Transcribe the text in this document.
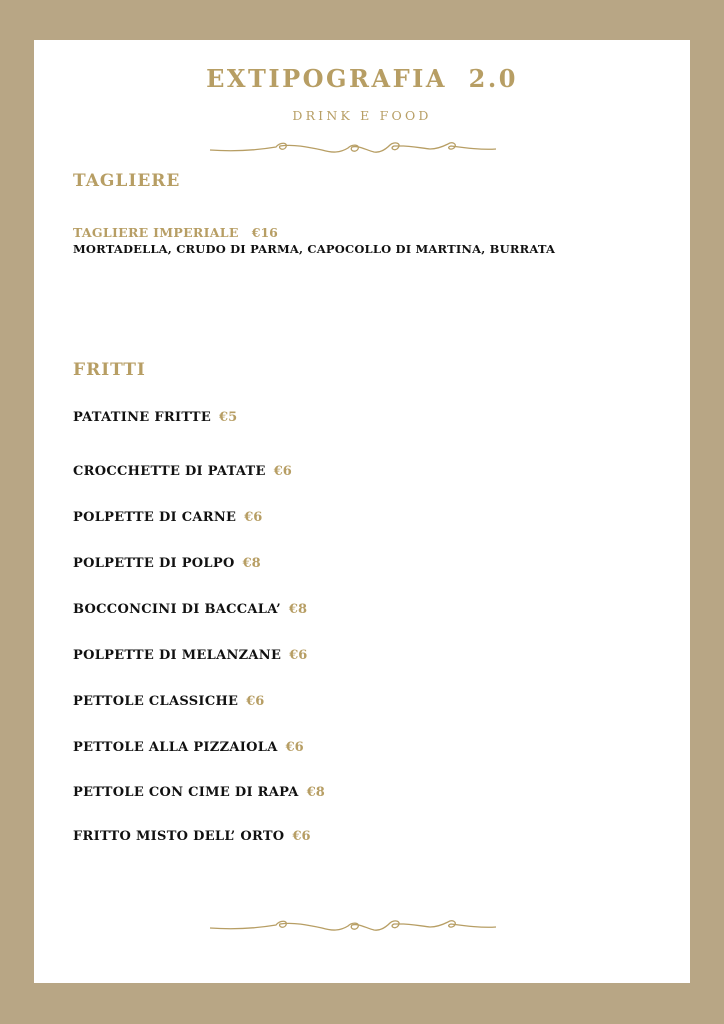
EXTIPOGRAFIA  2.0
DRINK E FOOD
TAGLIERE
TAGLIERE IMPERIALE €16
MORTADELLA, CRUDO DI PARMA, CAPOCOLLO DI MARTINA, BURRATA
FRITTI
PATATINE FRITTE €5
CROCCHETTE DI PATATE €6
POLPETTE DI CARNE €6
POLPETTE DI POLPO €8
BOCCONCINI DI BACCALA’ €8
POLPETTE DI MELANZANE €6
PETTOLE CLASSICHE €6
PETTOLE ALLA PIZZAIOLA €6
PETTOLE CON CIME DI RAPA €8
FRITTO MISTO DELL’ ORTO €6
